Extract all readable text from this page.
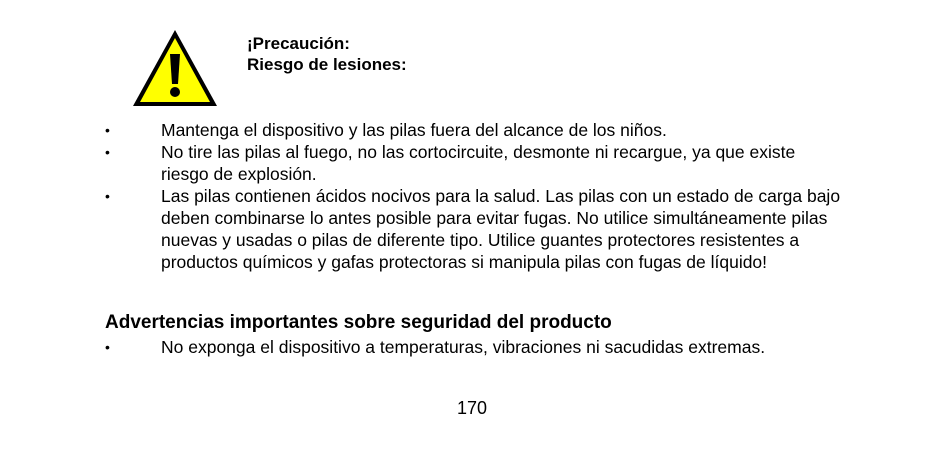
¡Precaución:
Riesgo de lesiones:
•	Mantenga el dispositivo y las pilas fuera del alcance de los niños.
•	No tire las pilas al fuego, no las cortocircuite, desmonte ni recargue, ya que existe riesgo de explosión.
•	Las pilas contienen ácidos nocivos para la salud. Las pilas con un estado de carga bajo deben combinarse lo antes posible para evitar fugas. No utilice simultáneamente pilas nuevas y usadas o pilas de diferente tipo. Utilice guantes protectores resistentes a productos químicos y gafas protectoras si manipula pilas con fugas de líquido!
Advertencias importantes sobre seguridad del producto
•	No exponga el dispositivo a temperaturas, vibraciones ni sacudidas extremas.
170
